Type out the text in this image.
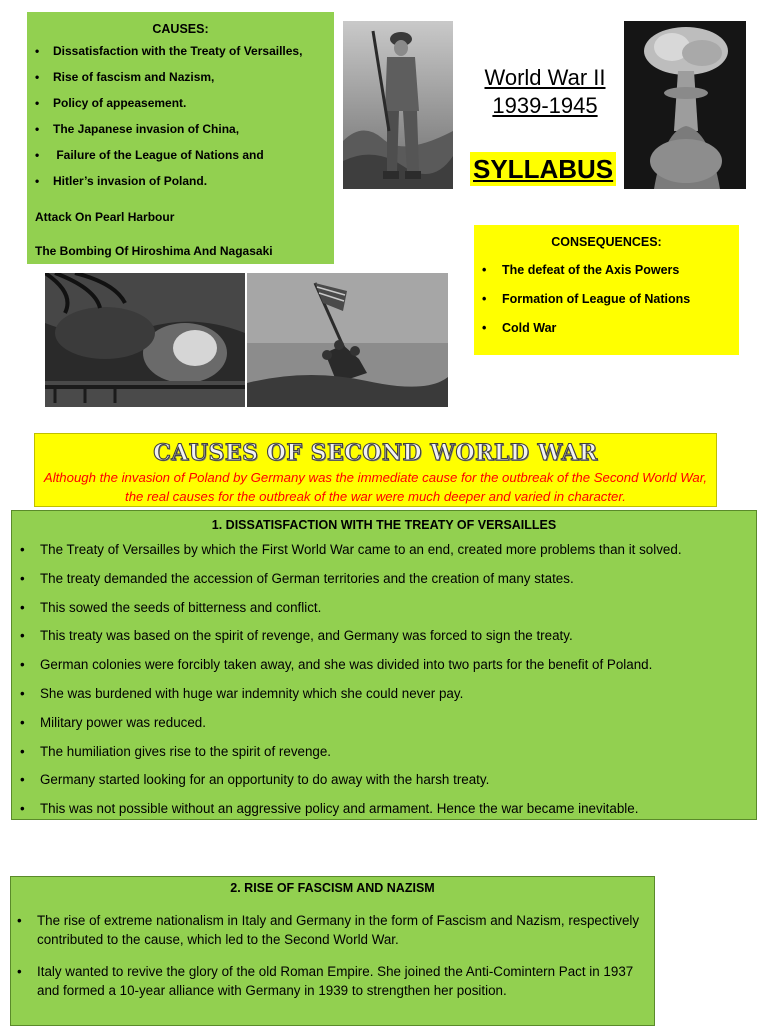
CAUSES:
•	Dissatisfaction with the Treaty of Versailles,
•	Rise of fascism and Nazism,
•	Policy of appeasement.
•	The Japanese invasion of China,
•	Failure of the League of Nations and
•	Hitler’s invasion of Poland.
Attack On Pearl Harbour
The Bombing Of Hiroshima And Nagasaki
World War II
1939-1945
SYLLABUS
CONSEQUENCES:
•	The defeat of the Axis Powers
•	Formation of League of Nations
•	Cold War
CAUSES OF SECOND WORLD WAR
Although the invasion of Poland by Germany was the immediate cause for the outbreak of the Second World War, the real causes for the outbreak of the war were much deeper and varied in character.
1. DISSATISFACTION WITH THE TREATY OF VERSAILLES
•	The Treaty of Versailles by which the First World War came to an end, created more problems than it solved.
•	The treaty demanded the accession of German territories and the creation of many states.
•	This sowed the seeds of bitterness and conflict.
•	This treaty was based on the spirit of revenge, and Germany was forced to sign the treaty.
•	German colonies were forcibly taken away, and she was divided into two parts for the benefit of Poland.
•	She was burdened with huge war indemnity which she could never pay.
•	Military power was reduced.
•	The humiliation gives rise to the spirit of revenge.
•	Germany started looking for an opportunity to do away with the harsh treaty.
•	This was not possible without an aggressive policy and armament. Hence the war became inevitable.
2. RISE OF FASCISM AND NAZISM
•	The rise of extreme nationalism in Italy and Germany in the form of Fascism and Nazism, respectively contributed to the cause, which led to the Second World War.
•	Italy wanted to revive the glory of the old Roman Empire. She joined the Anti-Comintern Pact in 1937 and formed a 10-year alliance with Germany in 1939 to strengthen her position.
